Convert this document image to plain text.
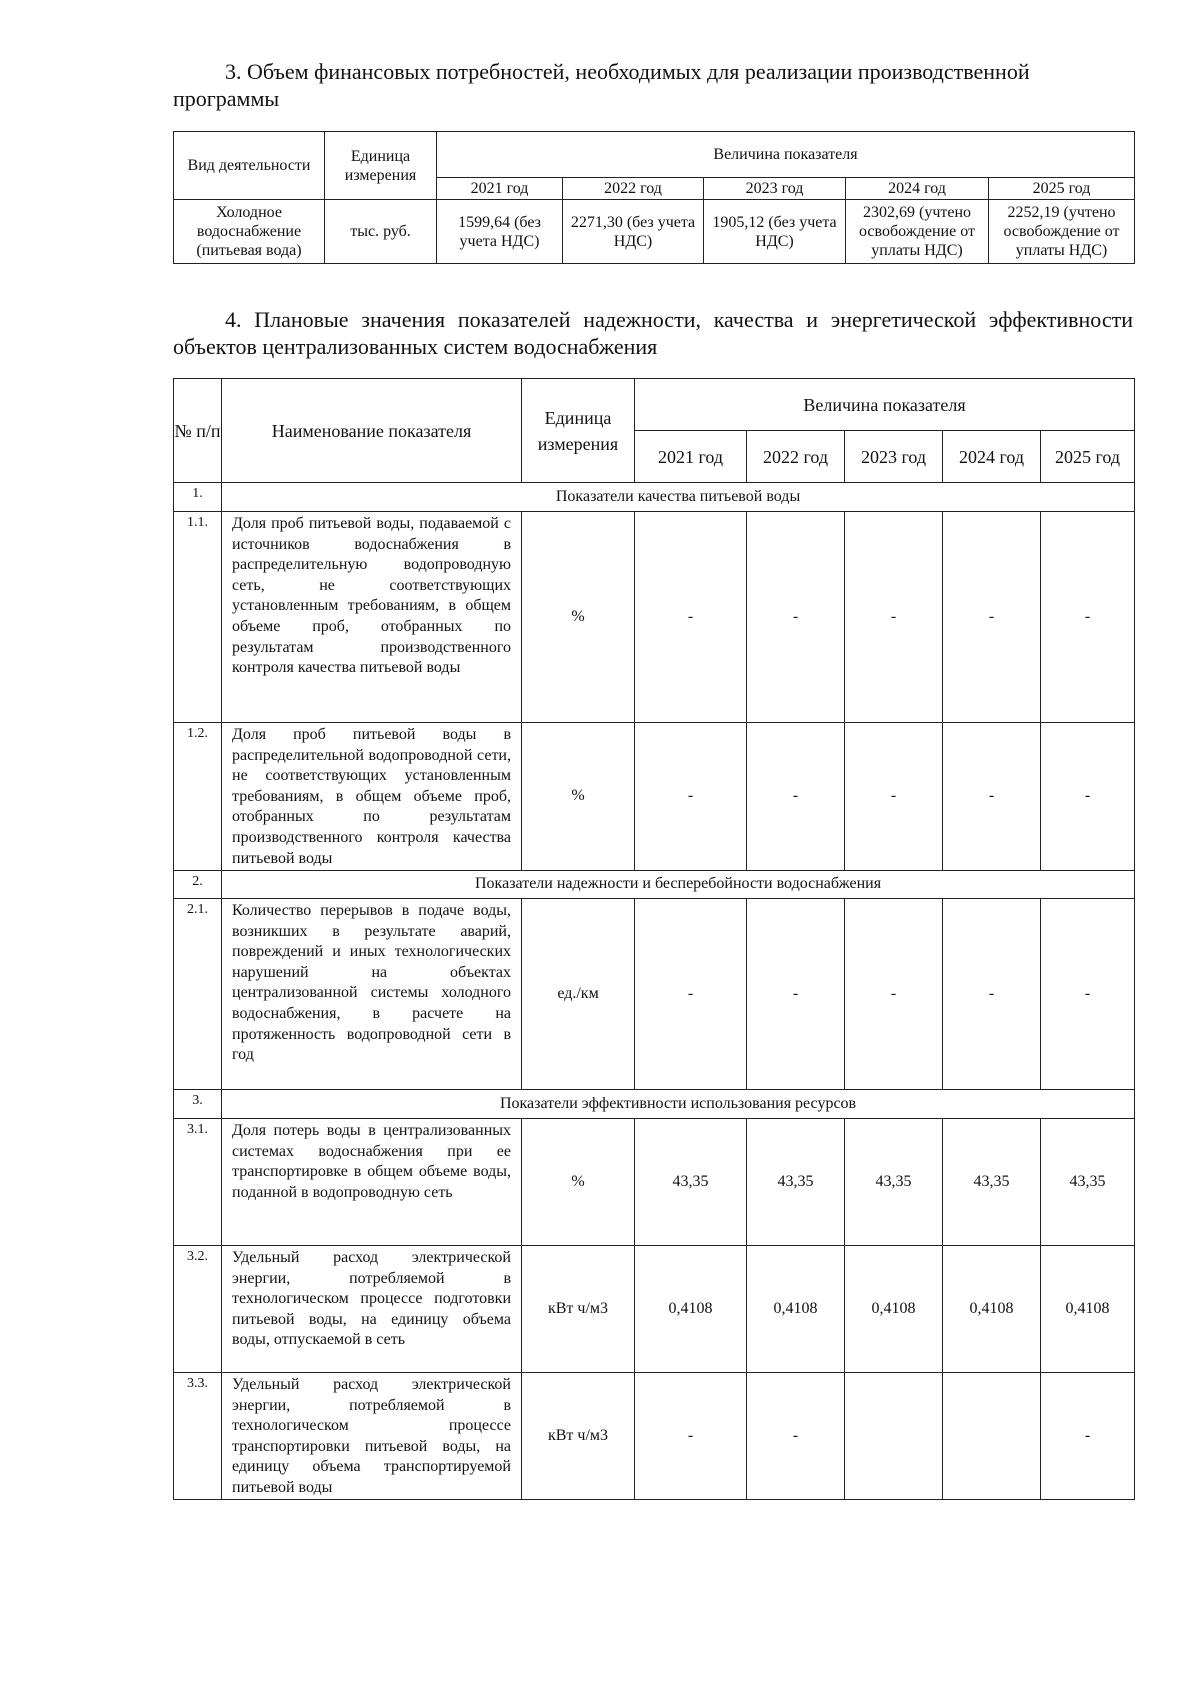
3. Объем финансовых потребностей, необходимых для реализации производственной программы
Вид деятельности	Единица измерения	Величина показателя				
		2021 год	2022 год	2023 год	2024 год	2025 год
Холодное водоснабжение (питьевая вода)	тыс. руб.	1599,64 (без учета НДС)	2271,30 (без учета НДС)	1905,12 (без учета НДС)	2302,69 (учтено освобождение от уплаты НДС)	2252,19 (учтено освобождение от уплаты НДС)
4. Плановые значения показателей надежности, качества и энергетической эффективности объектов централизованных систем водоснабжения
№ п/п	Наименование показателя	Единица измерения	Величина показателя				
			2021 год	2022 год	2023 год	2024 год	2025 год
1.	Показатели качества питьевой воды						
1.1.	Доля проб питьевой воды, подаваемой с источников водоснабжения в распределительную водопроводную сеть, не соответствующих установленным требованиям, в общем объеме проб, отобранных по результатам производственного контроля качества питьевой воды	%	-	-	-	-	-
1.2.	Доля проб питьевой воды в распределительной водопроводной сети, не соответствующих установленным требованиям, в общем объеме проб, отобранных по результатам производственного контроля качества питьевой воды	%	-	-	-	-	-
2.	Показатели надежности и бесперебойности водоснабжения						
2.1.	Количество перерывов в подаче воды, возникших в результате аварий, повреждений и иных технологических нарушений на объектах централизованной системы холодного водоснабжения, в расчете на протяженность водопроводной сети в год	ед./км	-	-	-	-	-
3.	Показатели эффективности использования ресурсов						
3.1.	Доля потерь воды в централизованных системах водоснабжения при ее транспортировке в общем объеме воды, поданной в водопроводную сеть	%	43,35	43,35	43,35	43,35	43,35
3.2.	Удельный расход электрической энергии, потребляемой в технологическом процессе подготовки питьевой воды, на единицу объема воды, отпускаемой в сеть	кВт ч/м3	0,4108	0,4108	0,4108	0,4108	0,4108
3.3.	Удельный расход электрической энергии, потребляемой в технологическом процессе транспортировки питьевой воды, на единицу объема транспортируемой питьевой воды	кВт ч/м3	-	-			-
